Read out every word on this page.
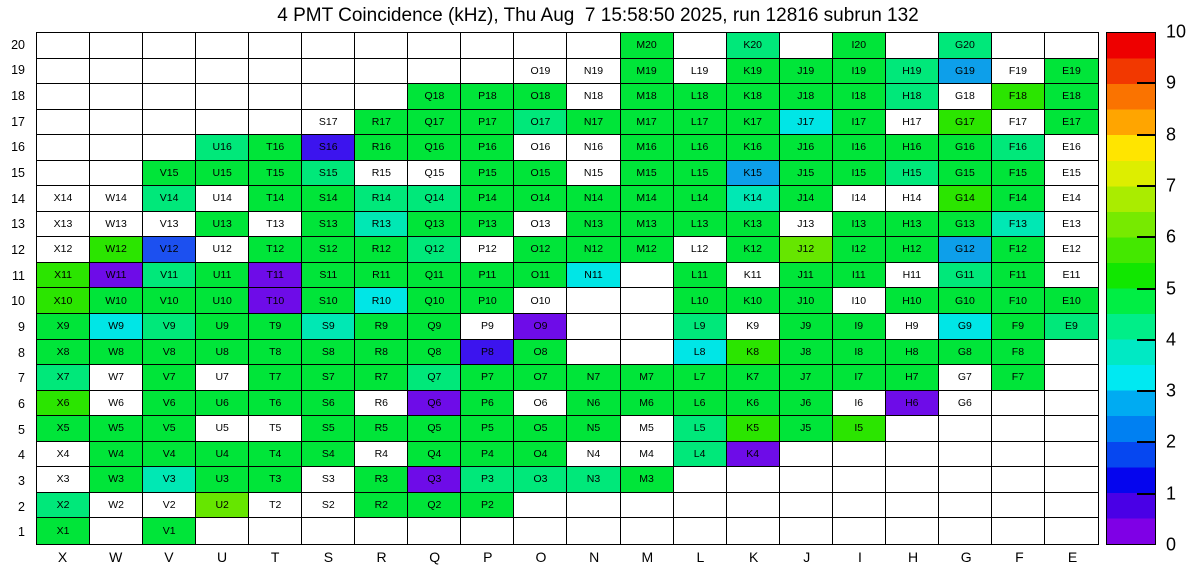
4 PMT Coincidence (kHz), Thu Aug  7 15:58:50 2025, run 12816 subrun 132
20
19
18
17
16
15
14
13
12
11
10
9
8
7
6
5
4
3
2
1
M20	K20	I20	G20
O19	N19	M19	L19	K19	J19	I19	H19	G19	F19	E19
Q18	P18	O18	N18	M18	L18	K18	J18	I18	H18	G18	F18	E18
S17	R17	Q17	P17	O17	N17	M17	L17	K17	J17	I17	H17	G17	F17	E17
U16	T16	S16	R16	Q16	P16	O16	N16	M16	L16	K16	J16	I16	H16	G16	F16	E16
V15	U15	T15	S15	R15	Q15	P15	O15	N15	M15	L15	K15	J15	I15	H15	G15	F15	E15
X14	W14	V14	U14	T14	S14	R14	Q14	P14	O14	N14	M14	L14	K14	J14	I14	H14	G14	F14	E14
X13	W13	V13	U13	T13	S13	R13	Q13	P13	O13	N13	M13	L13	K13	J13	I13	H13	G13	F13	E13
X12	W12	V12	U12	T12	S12	R12	Q12	P12	O12	N12	M12	L12	K12	J12	I12	H12	G12	F12	E12
X11	W11	V11	U11	T11	S11	R11	Q11	P11	O11	N11	L11	K11	J11	I11	H11	G11	F11	E11
X10	W10	V10	U10	T10	S10	R10	Q10	P10	O10	L10	K10	J10	I10	H10	G10	F10	E10
X9	W9	V9	U9	T9	S9	R9	Q9	P9	O9	L9	K9	J9	I9	H9	G9	F9	E9
X8	W8	V8	U8	T8	S8	R8	Q8	P8	O8	L8	K8	J8	I8	H8	G8	F8
X7	W7	V7	U7	T7	S7	R7	Q7	P7	O7	N7	M7	L7	K7	J7	I7	H7	G7	F7
X6	W6	V6	U6	T6	S6	R6	Q6	P6	O6	N6	M6	L6	K6	J6	I6	H6	G6
X5	W5	V5	U5	T5	S5	R5	Q5	P5	O5	N5	M5	L5	K5	J5	I5
X4	W4	V4	U4	T4	S4	R4	Q4	P4	O4	N4	M4	L4	K4
X3	W3	V3	U3	T3	S3	R3	Q3	P3	O3	N3	M3
X2	W2	V2	U2	T2	S2	R2	Q2	P2
X1	V1
X	W	V	U	T	S	R	Q	P	O	N	M	L	K	J	I	H	G	F	E
10
9
8
7
6
5
4
3
2
1
0
